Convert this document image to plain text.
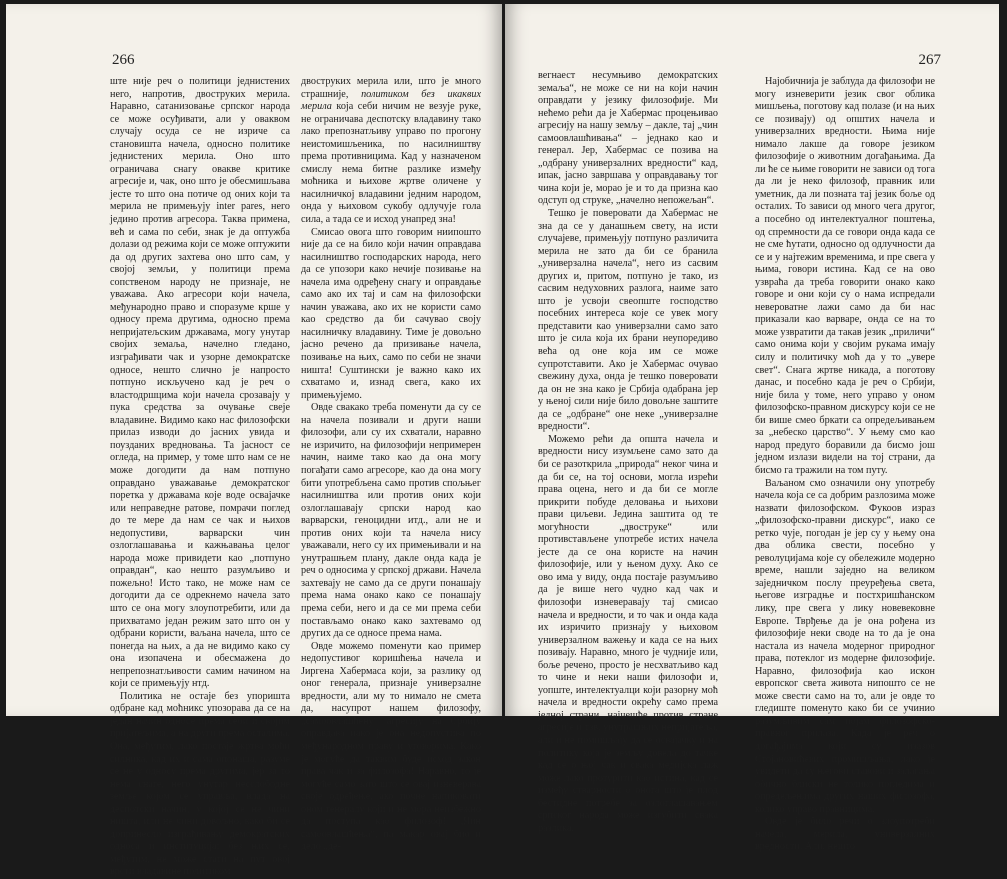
266

ште није реч о политици једнистених него, напротив, двоструких мерила. Наравно, сатанизовање српског народа се може осуђивати, али у оваквом случају осуда се не изриче са становишта начела, односно политике једнистених мерила. Оно што ограничава снагу овакве критике агресије и, чак, оно што је обесмишљава јесте то што она потиче од оних који та мерила не примењују inter pares, него једино против агресора. Таква примена, већ и сама по себи, знак је да оптужба долази од режима који се може оптужити да од других захтева оно што сам, у својој земљи, у политици према сопственом народу не признаје, не уважава. Ако агресори који начела, међународно право и споразуме крше у односу према другима, односно према непријатељским државама, могу унутар својих земаља, начелно гледано, изграђивати чак и узорне демократске односе, нешто слично је напросто потпуно искључено кад је реч о властодршцима који начела срозавају у пука средства за очување свеје владавине. Видимо како нас филозофски прилаз изводи до јасних увида и поузданих вредновања. Та јасност се огледа, на пример, у томе што нам се не може догодити да нам потпуно оправдано уважавање демократског поретка у државама које воде освајачке или неправедне ратове, помрачи поглед до те мере да нам се чак и њихов недопустиви, варварски чин озлоглашавања и кажњавања целог народа може привидети као „потпуно оправдан“, као нешто разумљиво и пожељно! Исто тако, не може нам се догодити да се одрекнемо начела зато што се она могу злоупотребити, или да прихватамо један режим зато што он у одбрани користи, ваљана начела, што се понегда на њих, а да не видимо како су она изопачена и обесмажена до непрепознатљивости самим начином на који се примењују нтд.

Политика не остаје без упоришта одбране кад моћникс упозорава да се на један начин односе према себи и својим пријатељима, а на други према осталима. Она, међутим, лако постаје жртва моћи силника, кад их и сама опонаша, разуме се не у односу према другима, јер за то нема снаге, него унутар несслободне земље којом се управља, влада на деспотски начин, у којој се не чини ништа, или не чини довољно, како би се допринесло изграђивању демократских односа и институција; без њих се, међутим, не може стати на пут овој врсти владавине политиком

двоструких мерила или, што је много страшније, политиком без икаквих мерила која себи ничим не везује руке, не ограничава деспотску владавину тако лако препознатљиву управо по прогону неистомишљеника, по насилништву према противницима. Кад у назначеном смислу нема битне разлике између моћника и њихове жртве оличене у насилничкој владавини једним народом, онда у њиховом сукобу одлучује гола сила, а тада се и исход унапред зна!

Смисао овога што говорим ниипошто није да се на било који начин оправдава насилништво господарских народа, него да се упозори како нечије позивање на начела има одређену снагу и оправдање само ако их тај и сам на филозофски начин уважава, ако их не користи само као средство да би сачувао своју насилничку владавину. Тиме је довољно јасно речено да призивање начела, позивање на њих, само по себи не значи ништа! Суштински је важно како их схватамо и, изнад свега, како их примењујемо.

Овде свакако треба поменути да су се на начела позивали и други наши филозофи, али су их схватали, наравно не изричито, на филозофији непримерен начин, наиме тако као да она могу погађати само агресоре, као да она могу бити употребљена само против спољњег насилништва или против оних који озлоглашавају српски народ као варварски, геноцидни итд., али не и против оних који та начела нису уважавали, него су их примењивали и на унутрашњем плану, дакле онда када је реч о односима у српској држави. Начела захтевају не само да се други понашају према нама онако како се понашају према себи, него и да се ми према себи постављамо онако како захтевамо од других да се односе према нама.

Овде можемо поменути као пример недопустивог коришћења начела и Јиргена Хабермаса који, за разлику од оног генерала, признаје универзалне вредности, али му то нимало не смета да, насупрот нашем филозофу, „самоовлашћену“ агресију на Србију оправдава иако је она недопустива по међународном праву и уговорима. Како је могуће да таквим буде исход закон права чак и за филозофа! Наравно, то је могуће само зато што се овај изневерава своје одређење, ако почне напиковати оном генералу који и не мора неизбежно да поступа као филозоф! „Чин самоовлашћења“, па макар овај био и дело „де-

267

вегнаест несумњиво демократских земаља“, не може се ни на који начин оправдати у језику филозофије. Ми нећемо рећи да је Хабермас процењивао агресију на нашу земљу – дакле, тај „чин самоовлашћивања“ – једнако као и генерал. Јер, Хабермас се позива на „одбрану универзалних вредности“ кад, ипак, јасно завршава у оправдавању тог чина који је, морао је и то да призна као одступ од струке, „начелно непожељан“.

Тешко је поверовати да Хабермас не зна да се у данашњем свету, на исти случајеве, примењују потпуно различита мерила не зато да би се бранила „универзална начела“, него из сасвим других и, притом, потпуно је тако, из сасвим недуховних разлога, наиме зато што је усвоји свеопште господство посебних интереса које се увек могу представити као универзални само зато што је сила која их брани неупоредиво већа од оне која им се може супротставити. Ако је Хабермас очувао свежину духа, онда је тешко поверовати да он не зна како је Србија одабрана јер у њеној сили није било довољне заштите да се „одбране“ оне некe „универзалне вредности“.

Можемо рећи да општа начела и вредности нису изумљене само зато да би се разоткрила „природа“ неког чина и да би се, на тој основи, могла изрећи права оцена, него и да би се могле прикрити побуде деловања и њихови прави циљеви. Једина заштита од те могућности „двоструке“ или противстављене употребе истих начела јесте да се она користе на начин филозофије, или у њеном духу. Ако се ово има у виду, онда постаје разумљиво да је више него чудно кад чак и филозофи изневеравају тај смисао начела и вредности, и то чак и онда када их изричито признају у њиховом универзалном важењу и када се на њих позивају. Наравно, много је чудније или, боље речено, просто је несхватљиво кад то чине и неки наши филозофи и, уопште, интелектуалци који разорну моћ начела и вредности окрећу само према једној страни, најчешће против стране агресије и тзв. унутрашњих непријатеља, али и не помишљају да се освајачку и на политику која је земљу довела до тачке кад се о њој чак и свака медијска лаж може лако протурити као истина, кад се између стварности о онога што је плод бестидне потребе за озлоглашавањем српског народа може изгубити свака разлика.

Најобичнија је заблуда да филозофи не могу изневерити језик свог обликa мишљења, поготову кад полазе (и на њих се позивају) од општих начела и универзалних вредности. Њима није нимало лакше да говоре језиком филозофије о животним догађањима. Да ли ће се њиме говорити не зависи од тога да ли је неко филозоф, правник или уметник, да ли позната тај језик боље од осталих. То зависи од много чега другог, а посебно од интелектуалног поштења, од спремности да се говори онда када се не сме ћутати, односно од одлучности да се и у најтежим временима, и пре свега у њима, говори истина. Кад се на ово узвраћа да треба говорити онако како говоре и они који су о нама испредали невероватне лажи само да би нас приказали као варваре, онда се на то може узвратити да такав језик „приличи“ само онима који у својим рукама имају силу и политичку моћ да у то „увере свет“. Снага жртве никада, а поготову данас, и посебно када је реч о Србији, није била у томе, него управо у оном филозофско-правном дискурсу који се не би више смео бркати са опредељивањем за „небеско царство“. У њему смо као народ предуго боравили да бисмо још једном излази видели на тој страни, да бисмо га тражили на том путу.

Ваљаном смо означили ону употребу начела која се са добрим разлозима може назвати филозофском. Фукоов израз „филозофско-правни дискурс“, иако се ретко чује, погодан је јер су у њему она два облика свести, посебно у револуцијама које су обележиле модерно време, нашли заједно на великом заједничком послу преуређења света, његове изградње и постхришћанском лику, пре свега у лику новевековне Европе. Тврђење да је она рођена из филозофије неки сводe на то да је она настала из начела модерног природног права, потеклог из модерне филозофије. Наравно, филозофија као искон европског света живота нипошто се не може свести само на то, али је овде то гледиште поменуто како би се учинио разумљивим сам појам филозофско-правног прилаза. Када је реч о догађајима који су изазов Стојановићевих промишљања, лако је увидети да су његови ставови и залагања обично блиски не толико погледима и опредељењима других наших филозофа, колико управо правницима.

Овде је било речи о злоупотреби начела, мерила, универзалних вредности. Али, нешто
